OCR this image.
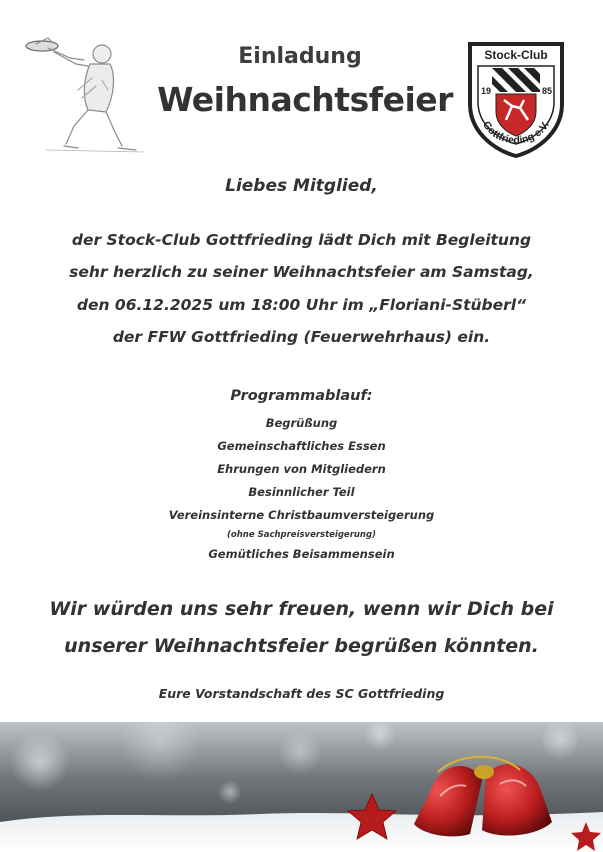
Einladung
Weihnachtsfeier
Stock-Club
19	85
Gottfrieding e.V.
Liebes Mitglied,
der Stock-Club Gottfrieding lädt Dich mit Begleitung
sehr herzlich zu seiner Weihnachtsfeier am Samstag,
den 06.12.2025 um 18:00 Uhr im „Floriani-Stüberl“
der FFW Gottfrieding (Feuerwehrhaus) ein.
Programmablauf:
Begrüßung
Gemeinschaftliches Essen
Ehrungen von Mitgliedern
Besinnlicher Teil
Vereinsinterne Christbaumversteigerung
(ohne Sachpreisversteigerung)
Gemütliches Beisammensein
Wir würden uns sehr freuen, wenn wir Dich bei
unserer Weihnachtsfeier begrüßen könnten.
Eure Vorstandschaft des SC Gottfrieding
